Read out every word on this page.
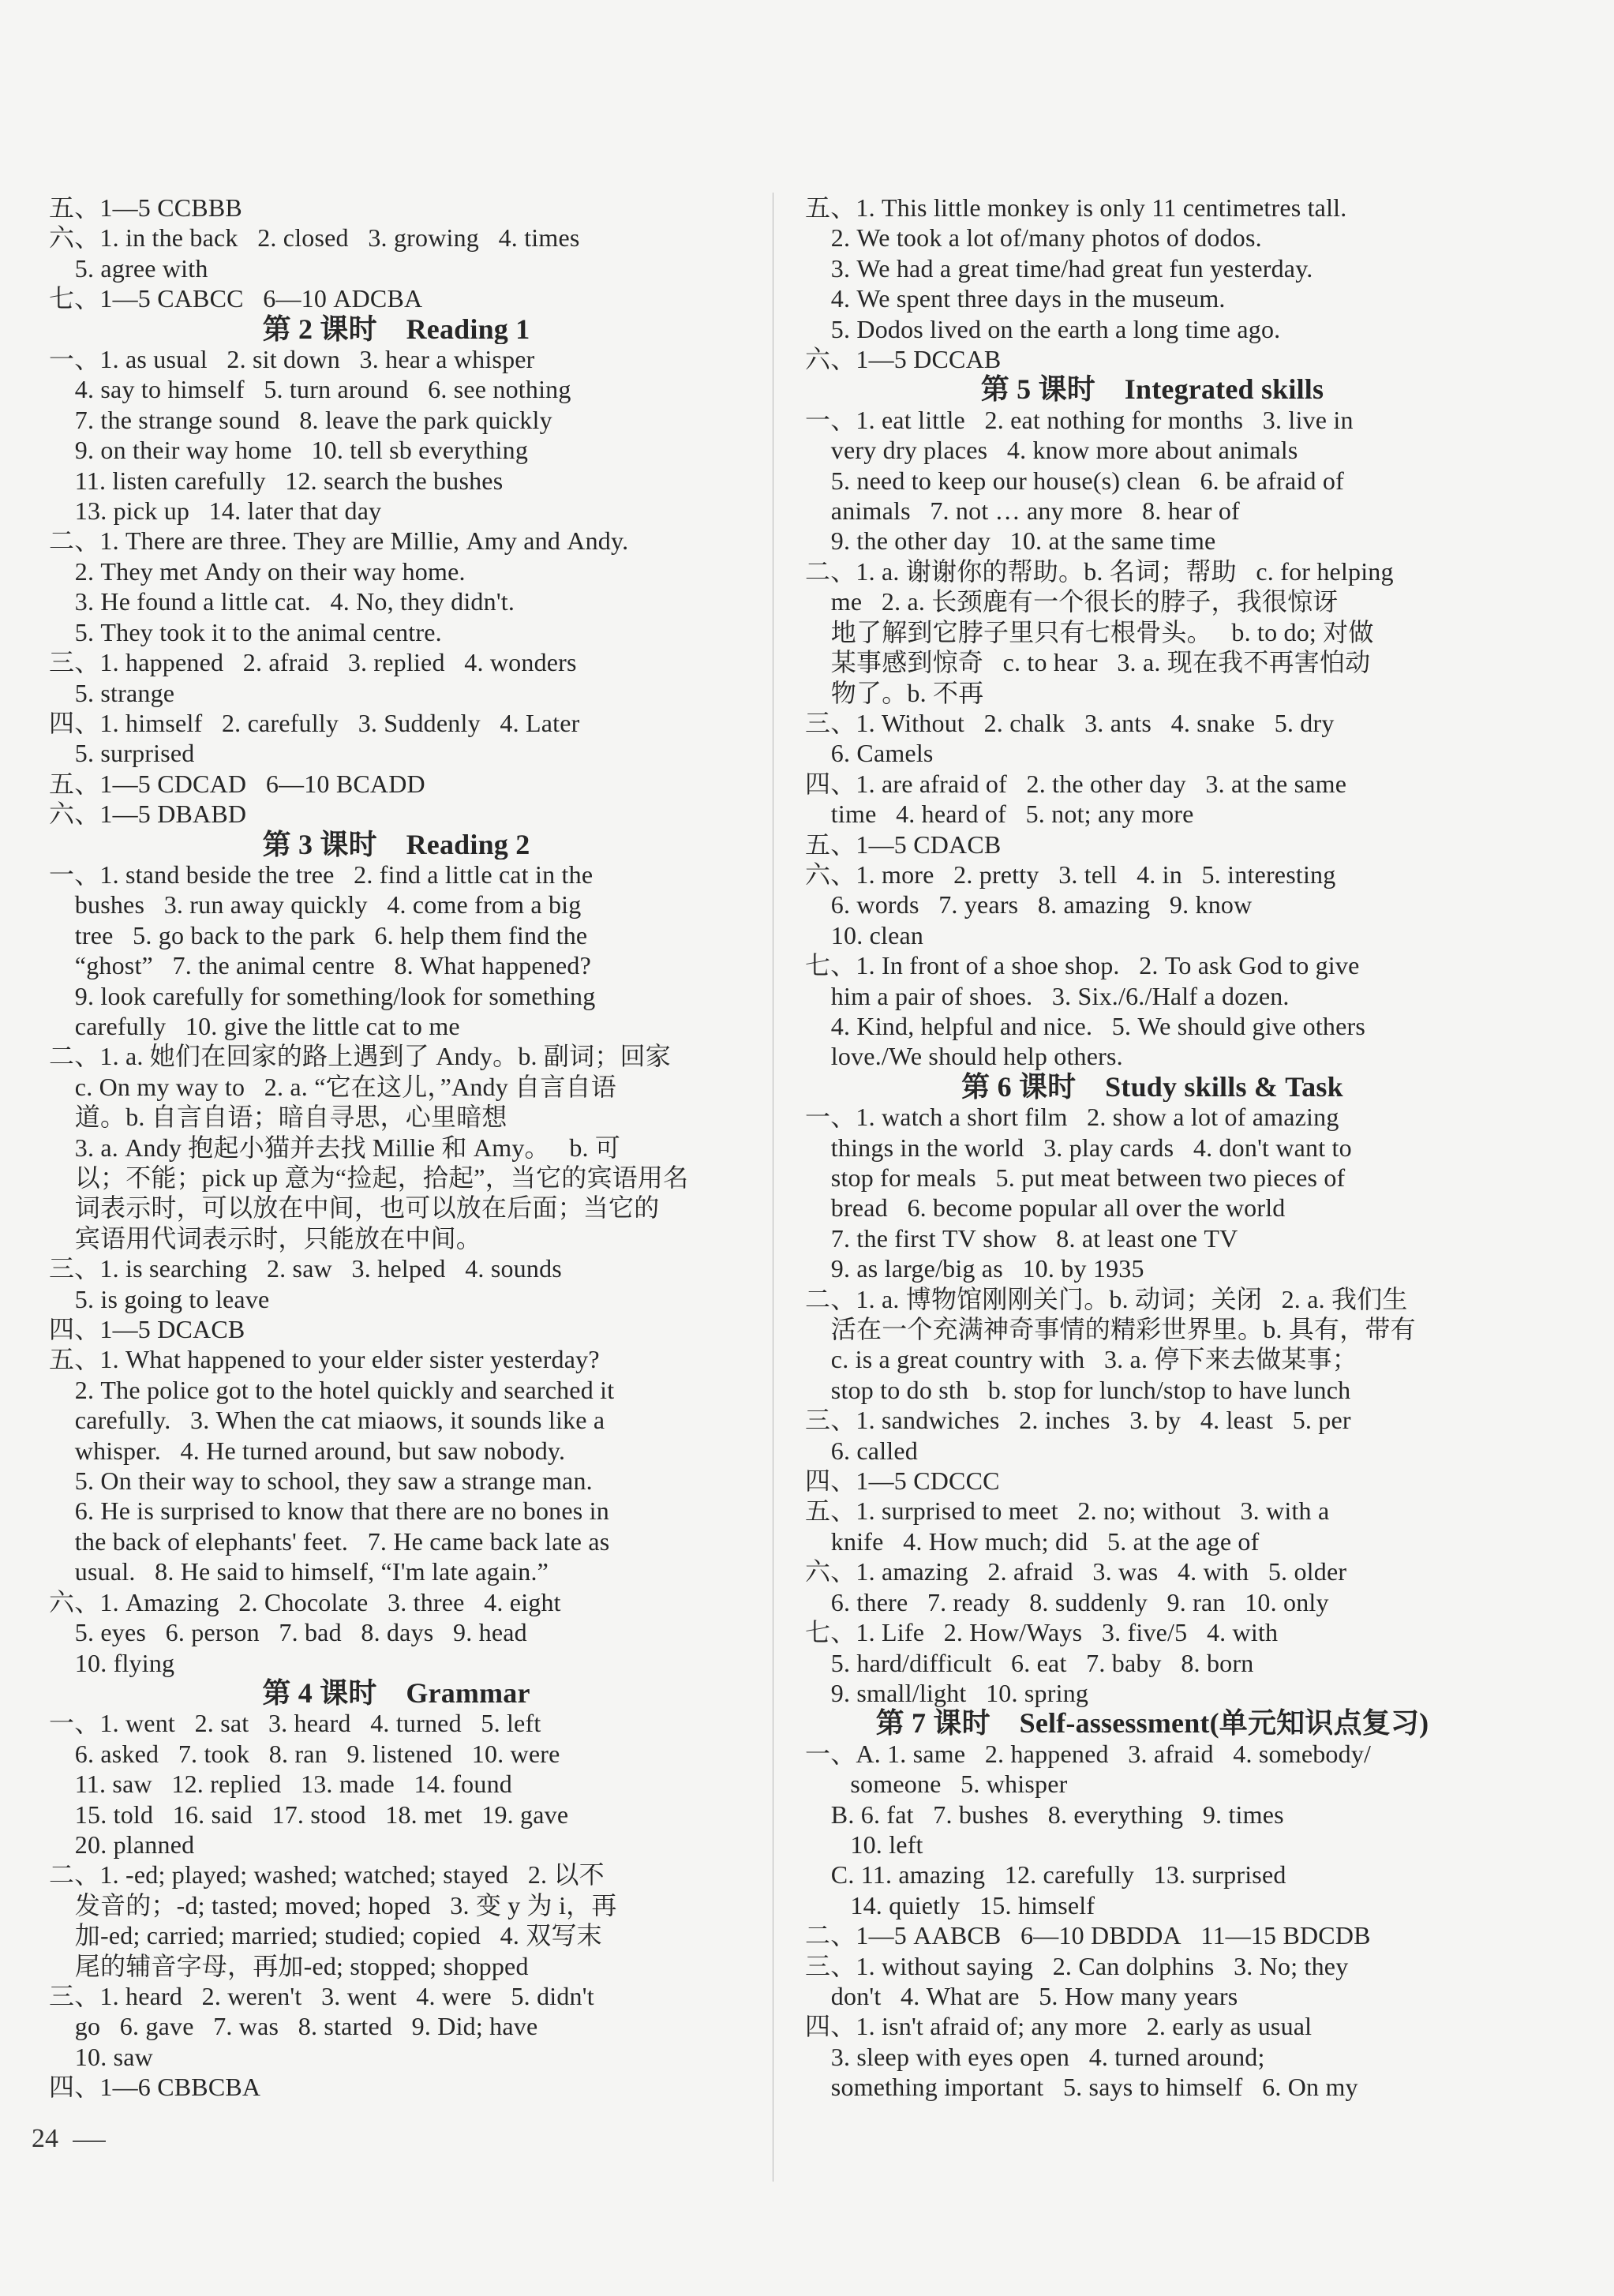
五、1—5 CCBBB
六、1. in the back   2. closed   3. growing   4. times
5. agree with
七、1—5 CABCC   6—10 ADCBA
第 2 课时    Reading 1
一、1. as usual   2. sit down   3. hear a whisper
4. say to himself   5. turn around   6. see nothing
7. the strange sound   8. leave the park quickly
9. on their way home   10. tell sb everything
11. listen carefully   12. search the bushes
13. pick up   14. later that day
二、1. There are three. They are Millie, Amy and Andy.
2. They met Andy on their way home.
3. He found a little cat.   4. No, they didn't.
5. They took it to the animal centre.
三、1. happened   2. afraid   3. replied   4. wonders
5. strange
四、1. himself   2. carefully   3. Suddenly   4. Later
5. surprised
五、1—5 CDCAD   6—10 BCADD
六、1—5 DBABD
第 3 课时    Reading 2
一、1. stand beside the tree   2. find a little cat in the
bushes   3. run away quickly   4. come from a big
tree   5. go back to the park   6. help them find the
“ghost”   7. the animal centre   8. What happened?
9. look carefully for something/look for something
carefully   10. give the little cat to me
二、1. a. 她们在回家的路上遇到了 Andy。b. 副词；回家
c. On my way to   2. a. “它在这儿，”Andy 自言自语
道。b. 自言自语；暗自寻思，心里暗想
3. a. Andy 抱起小猫并去找 Millie 和 Amy。   b. 可
以；不能；pick up 意为“捡起，拾起”，当它的宾语用名
词表示时，可以放在中间，也可以放在后面；当它的
宾语用代词表示时，只能放在中间。
三、1. is searching   2. saw   3. helped   4. sounds
5. is going to leave
四、1—5 DCACB
五、1. What happened to your elder sister yesterday?
2. The police got to the hotel quickly and searched it
carefully.   3. When the cat miaows, it sounds like a
whisper.   4. He turned around, but saw nobody.
5. On their way to school, they saw a strange man.
6. He is surprised to know that there are no bones in
the back of elephants' feet.   7. He came back late as
usual.   8. He said to himself, “I'm late again.”
六、1. Amazing   2. Chocolate   3. three   4. eight
5. eyes   6. person   7. bad   8. days   9. head
10. flying
第 4 课时    Grammar
一、1. went   2. sat   3. heard   4. turned   5. left
6. asked   7. took   8. ran   9. listened   10. were
11. saw   12. replied   13. made   14. found
15. told   16. said   17. stood   18. met   19. gave
20. planned
二、1. -ed; played; washed; watched; stayed   2. 以不
发音的；-d; tasted; moved; hoped   3. 变 y 为 i，再
加-ed; carried; married; studied; copied   4. 双写末
尾的辅音字母，再加-ed; stopped; shopped
三、1. heard   2. weren't   3. went   4. were   5. didn't
go   6. gave   7. was   8. started   9. Did; have
10. saw
四、1—6 CBBCBA
五、1. This little monkey is only 11 centimetres tall.
2. We took a lot of/many photos of dodos.
3. We had a great time/had great fun yesterday.
4. We spent three days in the museum.
5. Dodos lived on the earth a long time ago.
六、1—5 DCCAB
第 5 课时    Integrated skills
一、1. eat little   2. eat nothing for months   3. live in
very dry places   4. know more about animals
5. need to keep our house(s) clean   6. be afraid of
animals   7. not … any more   8. hear of
9. the other day   10. at the same time
二、1. a. 谢谢你的帮助。b. 名词；帮助   c. for helping
me   2. a. 长颈鹿有一个很长的脖子，我很惊讶
地了解到它脖子里只有七根骨头。   b. to do; 对做
某事感到惊奇   c. to hear   3. a. 现在我不再害怕动
物了。b. 不再
三、1. Without   2. chalk   3. ants   4. snake   5. dry
6. Camels
四、1. are afraid of   2. the other day   3. at the same
time   4. heard of   5. not; any more
五、1—5 CDACB
六、1. more   2. pretty   3. tell   4. in   5. interesting
6. words   7. years   8. amazing   9. know
10. clean
七、1. In front of a shoe shop.   2. To ask God to give
him a pair of shoes.   3. Six./6./Half a dozen.
4. Kind, helpful and nice.   5. We should give others
love./We should help others.
第 6 课时    Study skills & Task
一、1. watch a short film   2. show a lot of amazing
things in the world   3. play cards   4. don't want to
stop for meals   5. put meat between two pieces of
bread   6. become popular all over the world
7. the first TV show   8. at least one TV
9. as large/big as   10. by 1935
二、1. a. 博物馆刚刚关门。b. 动词；关闭   2. a. 我们生
活在一个充满神奇事情的精彩世界里。b. 具有，带有
c. is a great country with   3. a. 停下来去做某事；
stop to do sth   b. stop for lunch/stop to have lunch
三、1. sandwiches   2. inches   3. by   4. least   5. per
6. called
四、1—5 CDCCC
五、1. surprised to meet   2. no; without   3. with a
knife   4. How much; did   5. at the age of
六、1. amazing   2. afraid   3. was   4. with   5. older
6. there   7. ready   8. suddenly   9. ran   10. only
七、1. Life   2. How/Ways   3. five/5   4. with
5. hard/difficult   6. eat   7. baby   8. born
9. small/light   10. spring
第 7 课时    Self-assessment(单元知识点复习)
一、A. 1. same   2. happened   3. afraid   4. somebody/
someone   5. whisper
B. 6. fat   7. bushes   8. everything   9. times
10. left
C. 11. amazing   12. carefully   13. surprised
14. quietly   15. himself
二、1—5 AABCB   6—10 DBDDA   11—15 BDCDB
三、1. without saying   2. Can dolphins   3. No; they
don't   4. What are   5. How many years
四、1. isn't afraid of; any more   2. early as usual
3. sleep with eyes open   4. turned around;
something important   5. says to himself   6. On my
24
